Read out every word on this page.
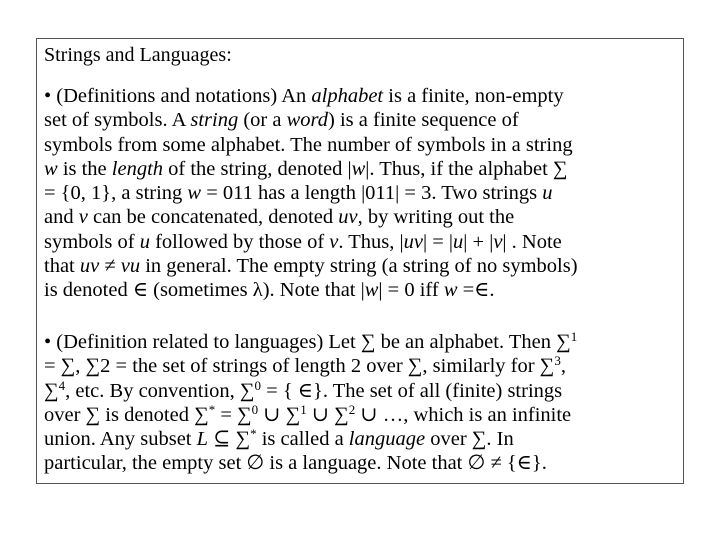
Strings and Languages:
• (Definitions and notations) An alphabet is a finite, non-empty
set of symbols. A string (or a word) is a finite sequence of
symbols from some alphabet. The number of symbols in a string
w is the length of the string, denoted |w|. Thus, if the alphabet ∑
= {0, 1}, a string w = 011 has a length |011| = 3. Two strings u
and v can be concatenated, denoted uv, by writing out the
symbols of u followed by those of v. Thus, |uv| = |u| + |v| . Note
that uv ≠ vu in general. The empty string (a string of no symbols)
is denoted ∈ (sometimes λ). Note that |w| = 0 iff w =∈.
• (Definition related to languages) Let ∑ be an alphabet. Then ∑$^1$
= ∑, ∑2 = the set of strings of length 2 over ∑, similarly for ∑$^3$,
∑$^4$, etc. By convention, ∑$^0$ = { ∈}. The set of all (finite) strings
over ∑ is denoted ∑* = ∑$^0$ ∪ ∑$^1$ ∪ ∑$^2$ ∪ …, which is an infinite
union. Any subset L ⊆ ∑* is called a language over ∑. In
particular, the empty set ∅ is a language. Note that ∅ ≠ {∈}.
